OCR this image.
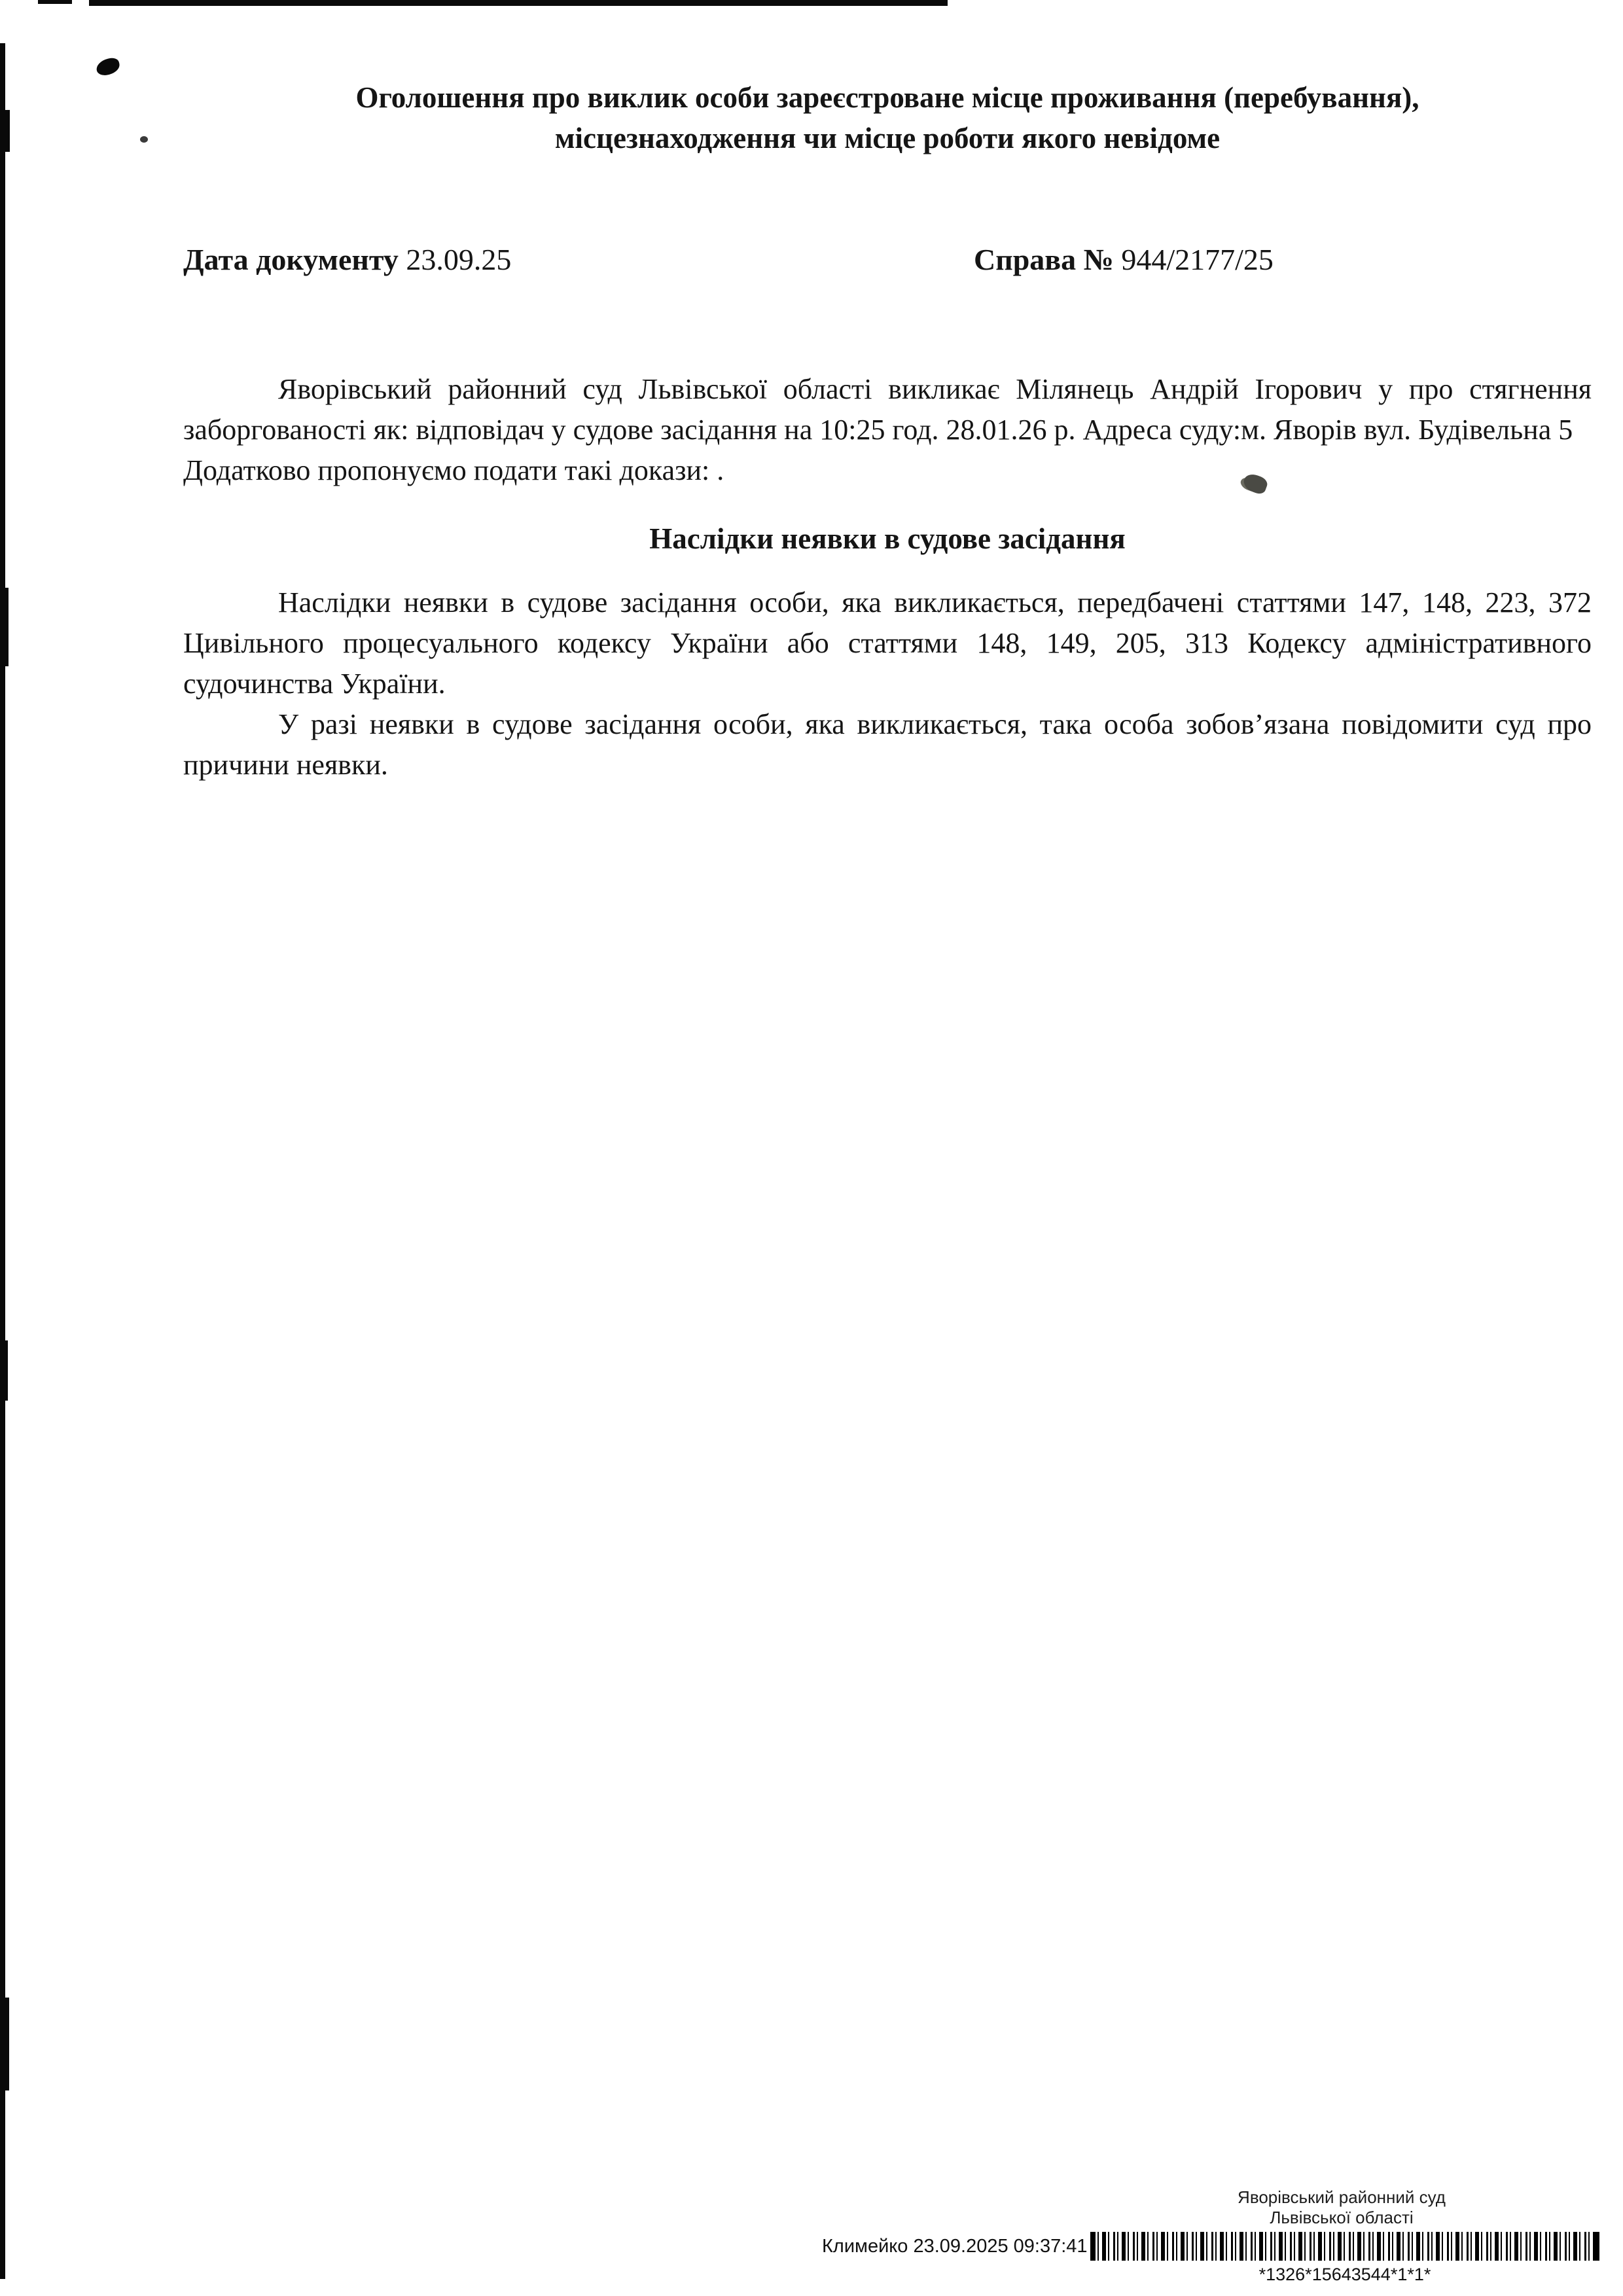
Оголошення про виклик особи зареєстроване місце проживання (перебування),
місцезнаходження чи місце роботи якого невідоме
Дата документу 23.09.25	Справа № 944/2177/25

Яворівський районний суд Львівської області викликає Мілянець Андрій Ігорович у про стягнення заборгованості як: відповідач у судове засідання на 10:25 год. 28.01.26 р. Адреса суду:м. Яворів вул. Будівельна 5

Додатково пропонуємо подати такі докази: .

Наслідки неявки в судове засідання

Наслідки неявки в судове засідання особи, яка викликається, передбачені статтями 147, 148, 223, 372 Цивільного процесуального кодексу України або статтями 148, 149, 205, 313 Кодексу адміністративного судочинства України.

У разі неявки в судове засідання особи, яка викликається, така особа зобов’язана повідомити суд про причини неявки.

Яворівський районний суд
Львівської області
Климейко 23.09.2025 09:37:41
*1326*15643544*1*1*
